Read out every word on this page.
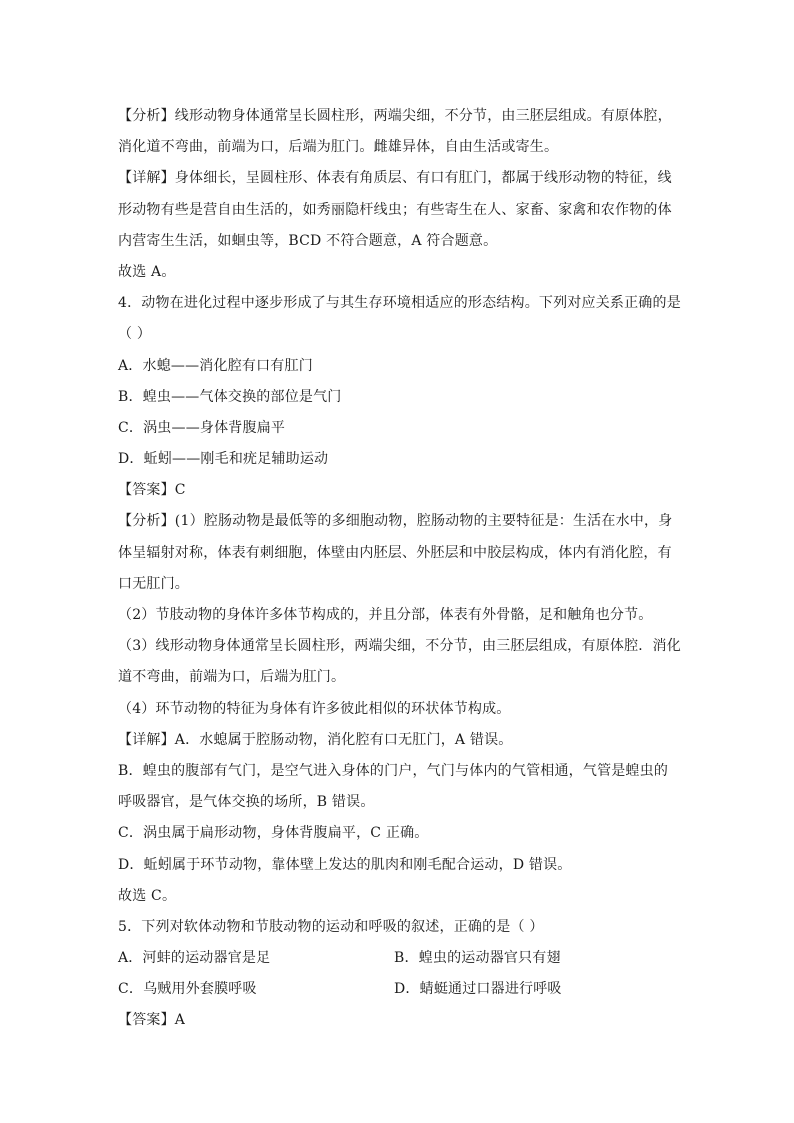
【分析】线形动物身体通常呈长圆柱形，两端尖细，不分节，由三胚层组成。有原体腔，

消化道不弯曲，前端为口，后端为肛门。雌雄异体，自由生活或寄生。

【详解】身体细长，呈圆柱形、体表有角质层、有口有肛门，都属于线形动物的特征，线

形动物有些是营自由生活的，如秀丽隐杆线虫；有些寄生在人、家畜、家禽和农作物的体

内营寄生生活，如蛔虫等，BCD 不符合题意，A 符合题意。

故选 A。

4．动物在进化过程中逐步形成了与其生存环境相适应的形态结构。下列对应关系正确的是

（ ）

A．水螅——消化腔有口有肛门

B．蝗虫——气体交换的部位是气门

C．涡虫——身体背腹扁平

D．蚯蚓——刚毛和疣足辅助运动

【答案】C

【分析】(1）腔肠动物是最低等的多细胞动物，腔肠动物的主要特征是：生活在水中，身

体呈辐射对称，体表有刺细胞，体壁由内胚层、外胚层和中胶层构成，体内有消化腔，有

口无肛门。

（2）节肢动物的身体许多体节构成的，并且分部，体表有外骨骼，足和触角也分节。

（3）线形动物身体通常呈长圆柱形，两端尖细，不分节，由三胚层组成，有原体腔．消化

道不弯曲，前端为口，后端为肛门。

（4）环节动物的特征为身体有许多彼此相似的环状体节构成。

【详解】A．水螅属于腔肠动物，消化腔有口无肛门，A 错误。

B．蝗虫的腹部有气门，是空气进入身体的门户，气门与体内的气管相通，气管是蝗虫的

呼吸器官，是气体交换的场所，B 错误。

C．涡虫属于扁形动物，身体背腹扁平，C 正确。

D．蚯蚓属于环节动物，靠体壁上发达的肌肉和刚毛配合运动，D 错误。

故选 C。

5．下列对软体动物和节肢动物的运动和呼吸的叙述，正确的是（ ）

A．河蚌的运动器官是足	B．蝗虫的运动器官只有翅
C．乌贼用外套膜呼吸	D．蜻蜓通过口器进行呼吸

【答案】A
